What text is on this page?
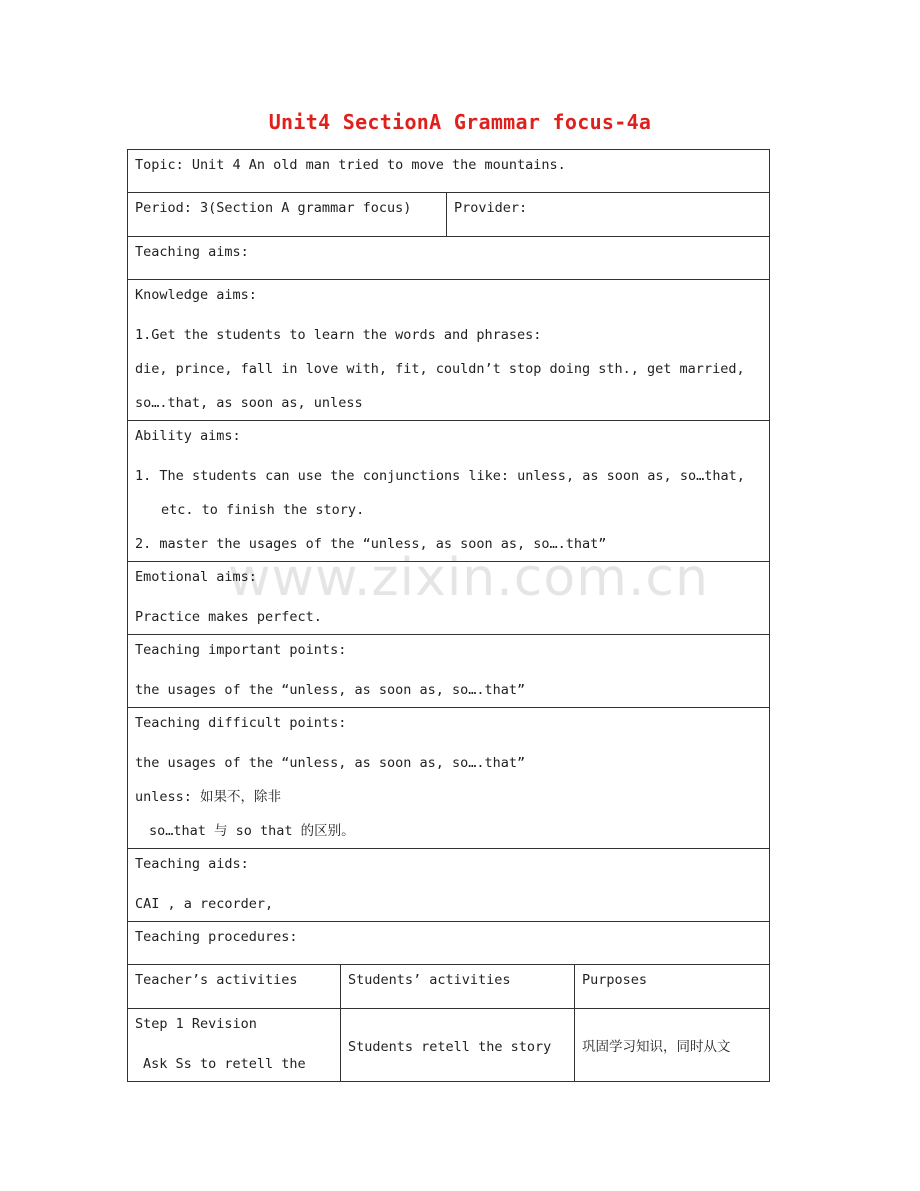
Unit4 SectionA Grammar focus-4a
www.zixin.com.cn
Topic: Unit 4 An old man tried to move the mountains.			

Period: 3(Section A grammar focus)		Provider:	

Teaching aims:			

Knowledge aims:
1.Get the students to learn the words and phrases:
die, prince, fall in love with, fit, couldn’t stop doing sth., get married,
so….that, as soon as, unless			

Ability aims:
1. The students can use the conjunctions like: unless, as soon as, so…that,
etc. to finish the story.
2. master the usages of the “unless, as soon as, so….that”			

Emotional aims:
Practice makes perfect.			

Teaching important points:
the usages of the “unless, as soon as, so….that”			

Teaching difficult points:
the usages of the “unless, as soon as, so….that”
unless: 如果不，除非
so…that 与 so that 的区别。			

Teaching aids:
CAI , a recorder,			

Teaching procedures:			

Teacher’s activities	Students’ activities		Purposes

Step 1 Revision
Ask Ss to retell the	Students retell the story		巩固学习知识，同时从文
